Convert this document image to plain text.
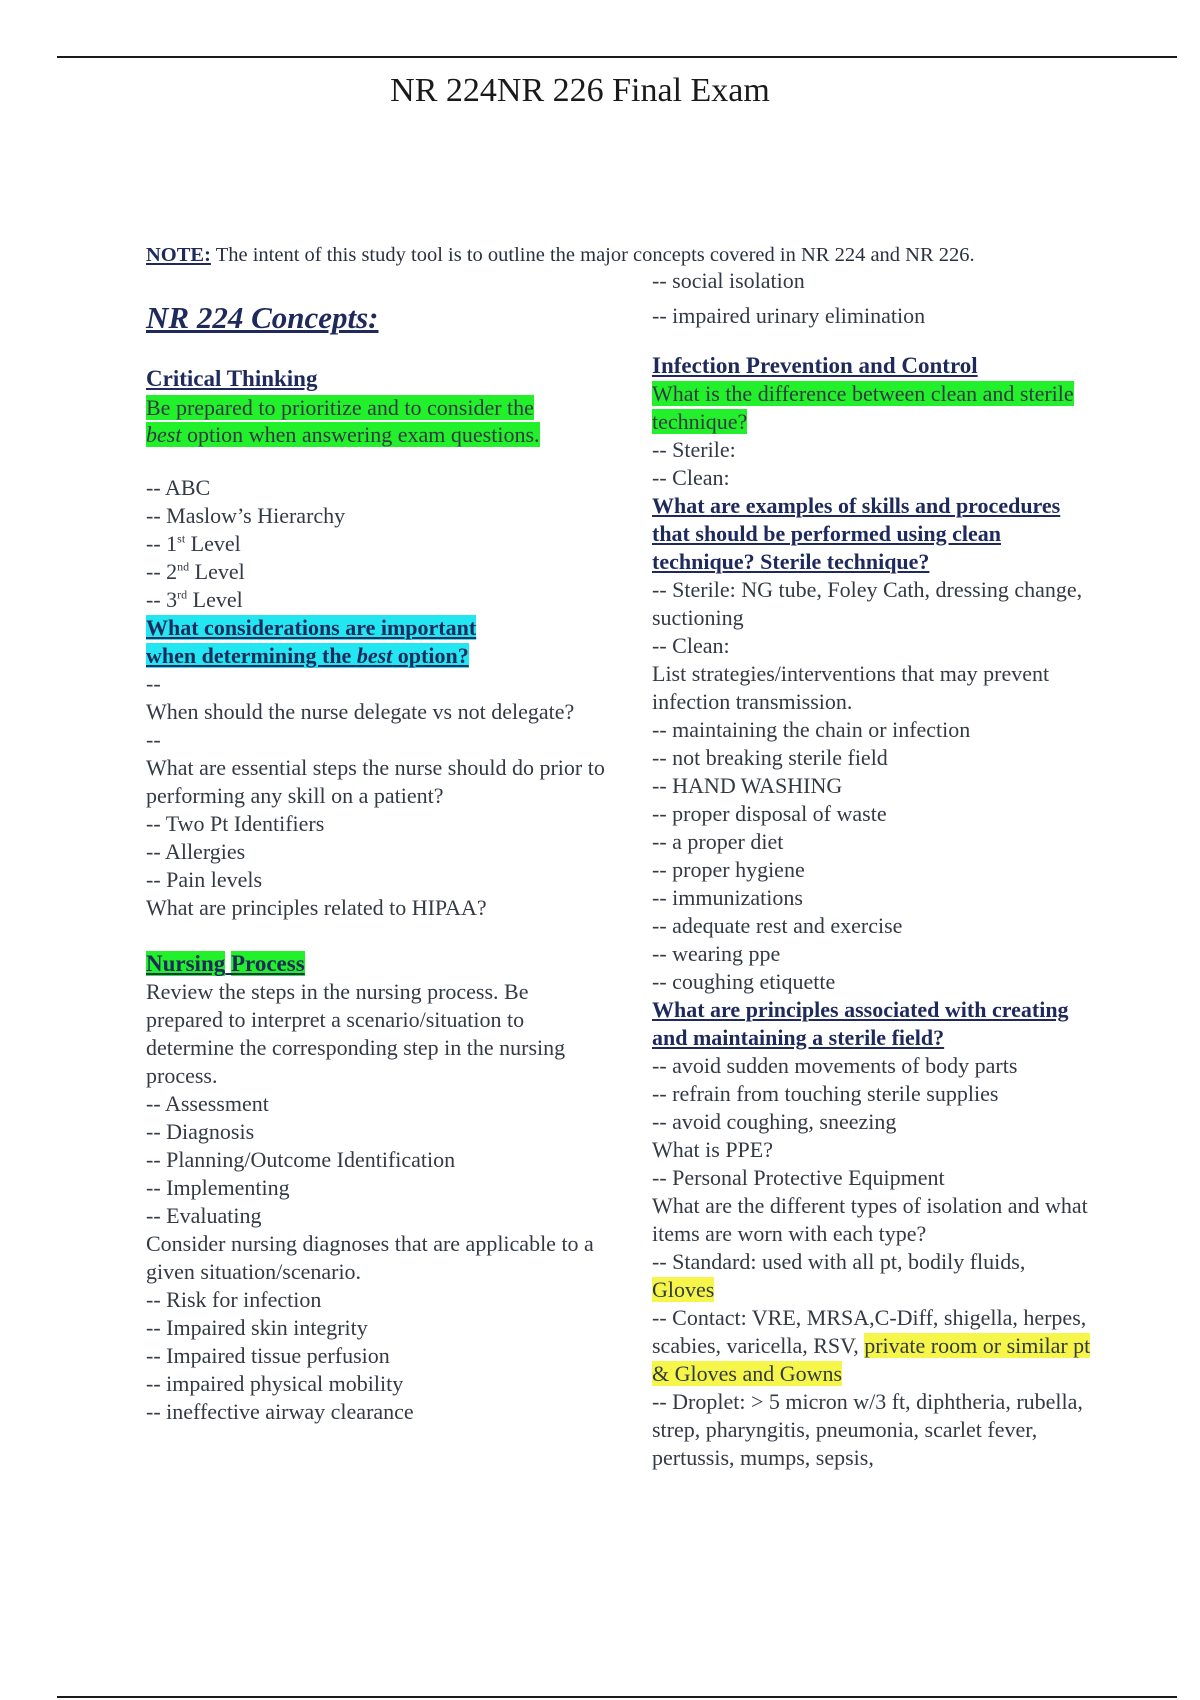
NR 224NR 226 Final Exam
NOTE: The intent of this study tool is to outline the major concepts covered in NR 224 and NR 226.
NR 224 Concepts:
Critical Thinking
Be prepared to prioritize and to consider the
best option when answering exam questions.

-- ABC

-- Maslow’s Hierarchy

-- 1st Level

-- 2nd Level

-- 3rd Level

What considerations are important
when determining the best option?

--

When should the nurse delegate vs not delegate?

--

What are essential steps the nurse should do prior to performing any skill on a patient?

-- Two Pt Identifiers

-- Allergies

-- Pain levels

What are principles related to HIPAA?

Nursing Process

Review the steps in the nursing process. Be prepared to interpret a scenario/situation to determine the corresponding step in the nursing process.

-- Assessment

-- Diagnosis

-- Planning/Outcome Identification

-- Implementing

-- Evaluating

Consider nursing diagnoses that are applicable to a given situation/scenario.

-- Risk for infection

-- Impaired skin integrity

-- Impaired tissue perfusion

-- impaired physical mobility

-- ineffective airway clearance

-- social isolation

-- impaired urinary elimination

Infection Prevention and Control

What is the difference between clean and sterile technique?

-- Sterile:

-- Clean:

What are examples of skills and procedures that should be performed using clean technique? Sterile technique?

-- Sterile: NG tube, Foley Cath, dressing change, suctioning

-- Clean:

List strategies/interventions that may prevent infection transmission.

-- maintaining the chain or infection

-- not breaking sterile field

-- HAND WASHING

-- proper disposal of waste

-- a proper diet

-- proper hygiene

-- immunizations

-- adequate rest and exercise

-- wearing ppe

-- coughing etiquette

What are principles associated with creating and maintaining a sterile field?

-- avoid sudden movements of body parts

-- refrain from touching sterile supplies

-- avoid coughing, sneezing

What is PPE?

-- Personal Protective Equipment

What are the different types of isolation and what items are worn with each type?

-- Standard: used with all pt, bodily fluids, Gloves

-- Contact: VRE, MRSA,C-Diff, shigella, herpes, scabies, varicella, RSV, private room or similar pt & Gloves and Gowns

-- Droplet: > 5 micron w/3 ft, diphtheria, rubella, strep, pharyngitis, pneumonia, scarlet fever, pertussis, mumps, sepsis,
